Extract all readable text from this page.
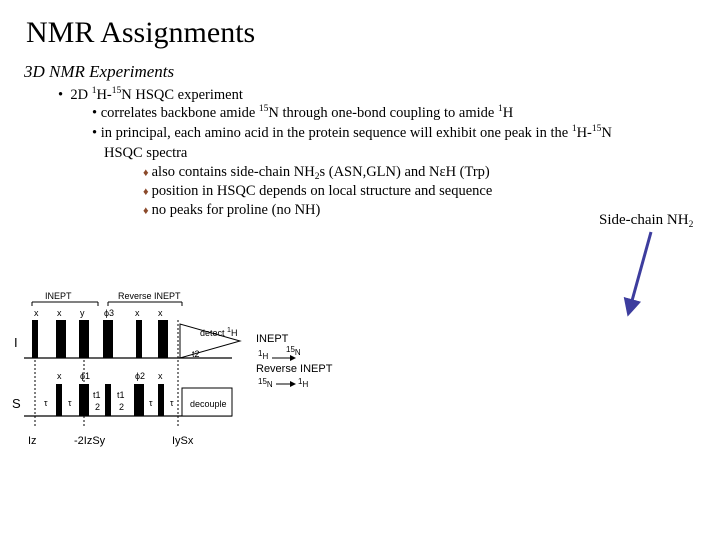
NMR Assignments
3D NMR Experiments
• 2D $^1$H-$^{15}$N HSQC experiment
• correlates backbone amide $^{15}$N through one-bond coupling to amide $^1$H
• in principal, each amino acid in the protein sequence will exhibit one peak in the $^1$H-$^{15}$N
HSQC spectra
♦ also contains side-chain $NH_2s$ (ASN,GLN) and NεH (Trp)
♦ position in HSQC depends on local structure and sequence
♦ no peaks for proline (no NH)
Side-chain $NH_2$
INEPT	Reverse INEPT
I
x x y ϕ3 x x
detect $^1$H
t2
S
x ϕ1	ϕ2 x
decouple
τ τ
t1
2
t1
2	τ τ
INEPT
1H
15N
Reverse INEPT
15N	1H
Iz	-2IzSy	IySx
